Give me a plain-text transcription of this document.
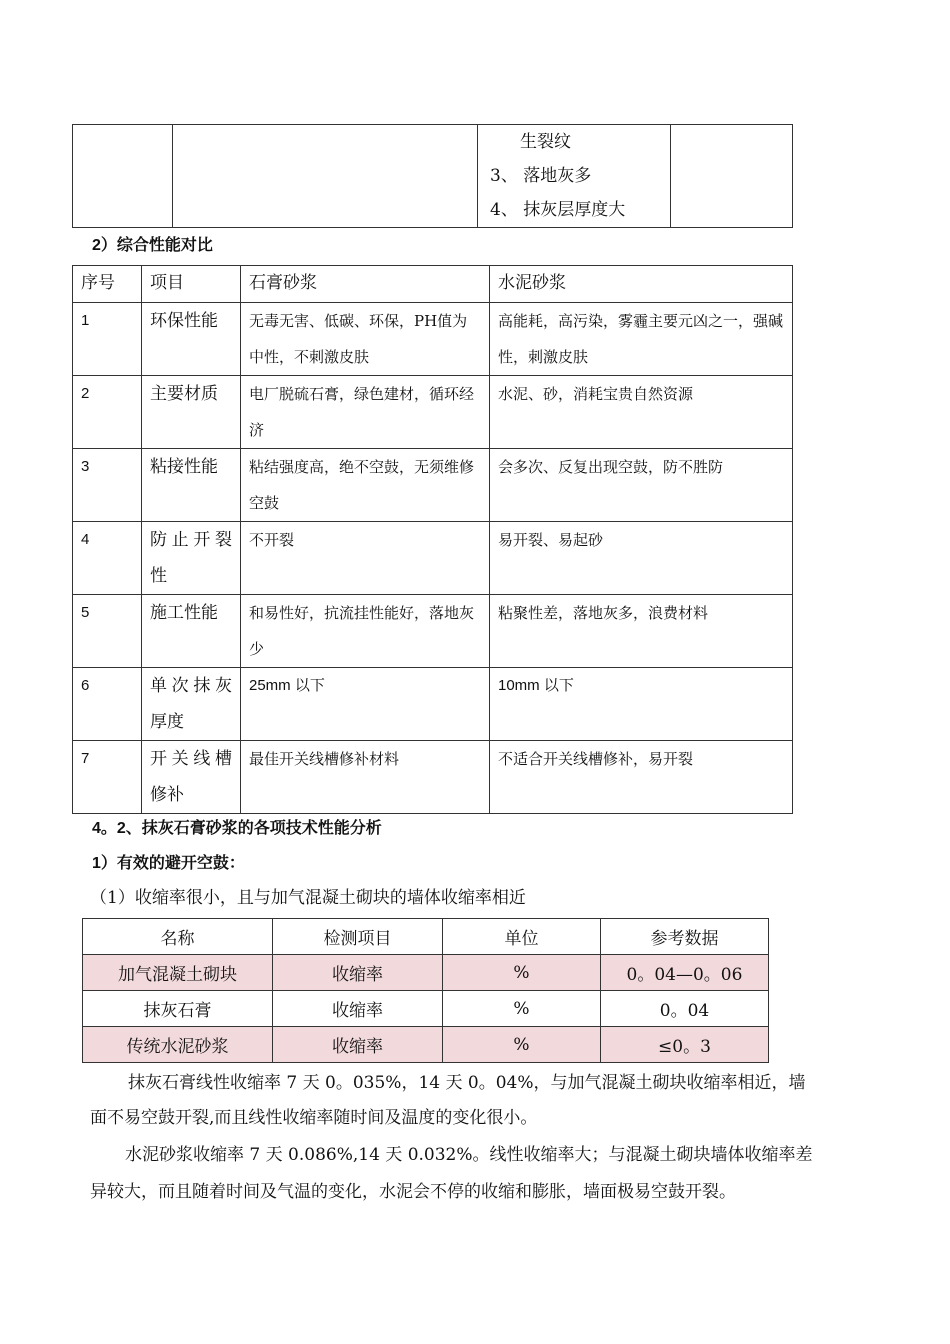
生裂纹
3、 落地灰多
4、 抹灰层厚度大

2）综合性能对比
序号	项目	石膏砂浆	水泥砂浆
1	环保性能	无毒无害、低碳、环保，PH值为中性，不刺激皮肤	高能耗，高污染，雾霾主要元凶之一，强碱性，刺激皮肤
2	主要材质	电厂脱硫石膏，绿色建材，循环经济	水泥、砂，消耗宝贵自然资源
3	粘接性能	粘结强度高，绝不空鼓，无须维修空鼓	会多次、反复出现空鼓，防不胜防
4	防止开裂性	不开裂	易开裂、易起砂
5	施工性能	和易性好，抗流挂性能好，落地灰少	粘聚性差，落地灰多，浪费材料
6	单次抹灰厚度	25mm 以下	10mm 以下
7	开关线槽修补	最佳开关线槽修补材料	不适合开关线槽修补，易开裂
4。2、抹灰石膏砂浆的各项技术性能分析
1）有效的避开空鼓：
（1）收缩率很小，且与加气混凝土砌块的墙体收缩率相近
名称	检测项目	单位	参考数据
加气混凝土砌块	收缩率	%	0。04—0。06
抹灰石膏	收缩率	%	0。04
传统水泥砂浆	收缩率	%	≤0。3
抹灰石膏线性收缩率 7 天 0。035%，14 天 0。04%，与加气混凝土砌块收缩率相近，墙
面不易空鼓开裂,而且线性收缩率随时间及温度的变化很小。
水泥砂浆收缩率 7 天 0.086%,14 天 0.032%。线性收缩率大；与混凝土砌块墙体收缩率差
异较大，而且随着时间及气温的变化，水泥会不停的收缩和膨胀，墙面极易空鼓开裂。
